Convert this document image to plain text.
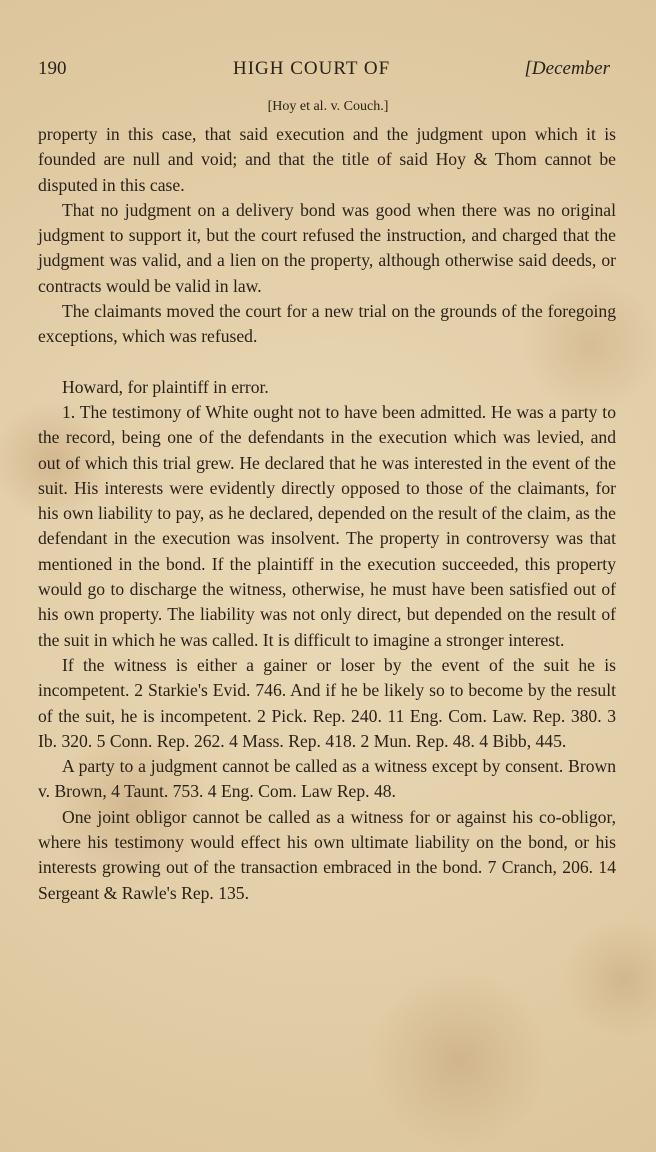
190	HIGH COURT OF	[December
[Hoy et al. v. Couch.]

property in this case, that said execution and the judgment upon which it is founded are null and void; and that the title of said Hoy & Thom cannot be disputed in this case.

That no judgment on a delivery bond was good when there was no original judgment to support it, but the court refused the instruction, and charged that the judgment was valid, and a lien on the property, although otherwise said deeds, or contracts would be valid in law.

The claimants moved the court for a new trial on the grounds of the foregoing exceptions, which was refused.

Howard, for plaintiff in error.

1. The testimony of White ought not to have been admitted. He was a party to the record, being one of the defendants in the execution which was levied, and out of which this trial grew. He declared that he was interested in the event of the suit. His interests were evidently directly opposed to those of the claimants, for his own liability to pay, as he declared, depended on the result of the claim, as the defendant in the execution was insolvent. The property in controversy was that mentioned in the bond. If the plaintiff in the execution succeeded, this property would go to discharge the witness, otherwise, he must have been satisfied out of his own property. The liability was not only direct, but depended on the result of the suit in which he was called. It is difficult to imagine a stronger interest.

If the witness is either a gainer or loser by the event of the suit he is incompetent. 2 Starkie's Evid. 746. And if he be likely so to become by the result of the suit, he is incompetent. 2 Pick. Rep. 240. 11 Eng. Com. Law. Rep. 380. 3 Ib. 320. 5 Conn. Rep. 262. 4 Mass. Rep. 418. 2 Mun. Rep. 48. 4 Bibb, 445.

A party to a judgment cannot be called as a witness except by consent. Brown v. Brown, 4 Taunt. 753. 4 Eng. Com. Law Rep. 48.

One joint obligor cannot be called as a witness for or against his co-obligor, where his testimony would effect his own ultimate liability on the bond, or his interests growing out of the transaction embraced in the bond. 7 Cranch, 206. 14 Sergeant & Rawle's Rep. 135.
